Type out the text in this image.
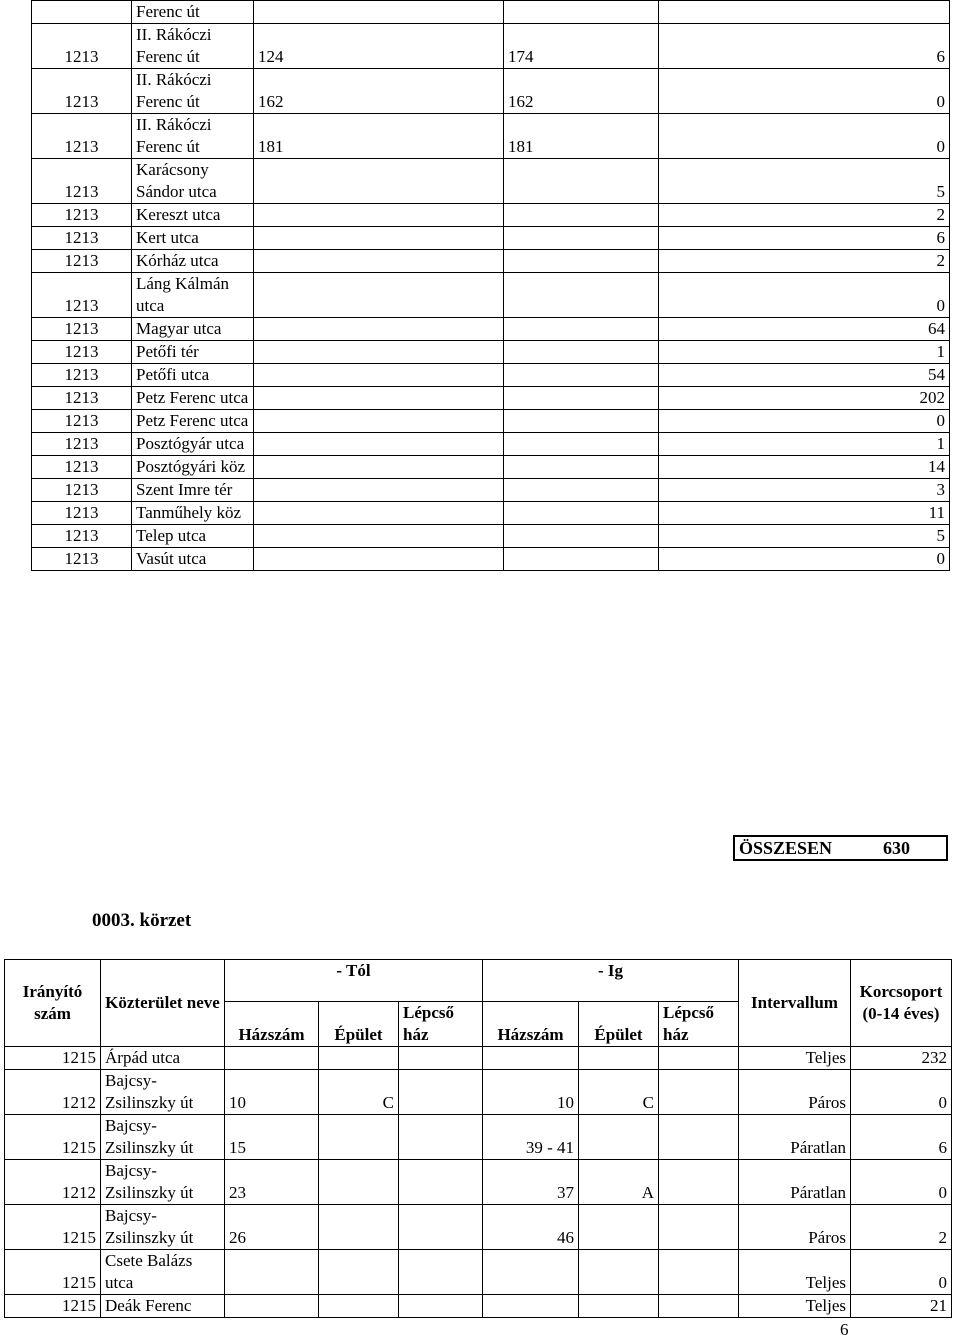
	Ferenc út			
1213	II. Rákóczi Ferenc út	124	174	6
1213	II. Rákóczi Ferenc út	162	162	0
1213	II. Rákóczi Ferenc út	181	181	0
1213	Karácsony Sándor utca			5
1213	Kereszt utca			2
1213	Kert utca			6
1213	Kórház utca			2
1213	Láng Kálmán utca			0
1213	Magyar utca			64
1213	Petőfi tér			1
1213	Petőfi utca			54
1213	Petz Ferenc utca			202
1213	Petz Ferenc utca			0
1213	Posztógyár utca			1
1213	Posztógyári köz			14
1213	Szent Imre tér			3
1213	Tanműhely köz			11
1213	Telep utca			5
1213	Vasút utca			0
ÖSSZESEN	630
0003. körzet
Irányító szám	Közterület neve	- Tól			- Ig			Intervallum	Korcsoport (0-14 éves)
		Házszám	Épület	Lépcső ház	Házszám	Épület	Lépcső ház		
1215	Árpád utca							Teljes	232
1212	Bajcsy-Zsilinszky út	10	C		10	C		Páros	0
1215	Bajcsy-Zsilinszky út	15			39 - 41			Páratlan	6
1212	Bajcsy-Zsilinszky út	23			37	A		Páratlan	0
1215	Bajcsy-Zsilinszky út	26			46			Páros	2
1215	Csete Balázs utca							Teljes	0
1215	Deák Ferenc							Teljes	21
6
